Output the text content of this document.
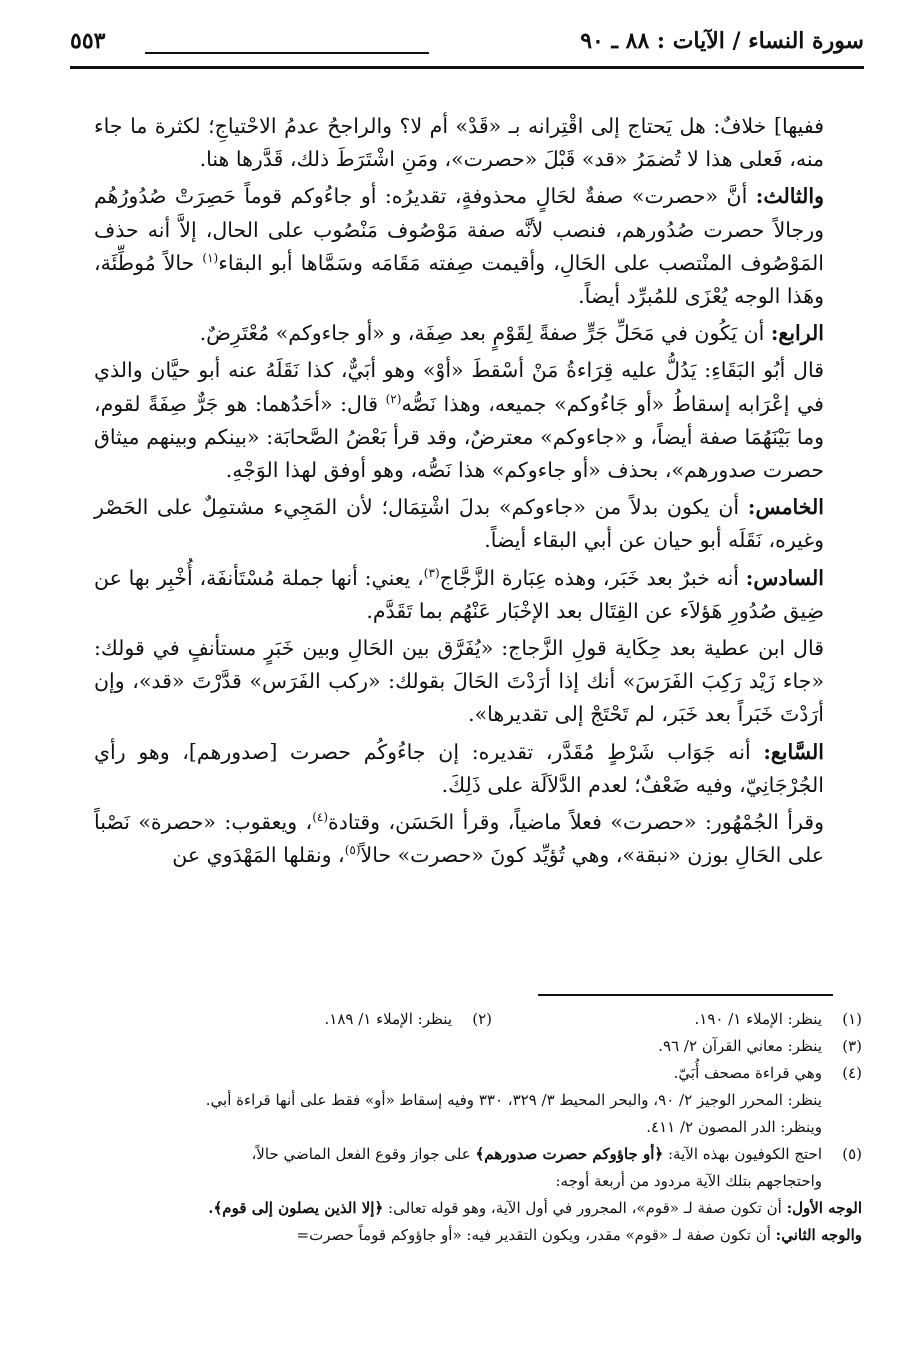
سورة النساء / الآيات : ٨٨ ـ ٩٠
٥٥٣

ففيها] خلافٌ: هل يَحتاج إلى اقْتِرانه بـ «قَدْ» أم لا؟ والراجحُ عدمُ الاحْتياجِ؛ لكثرة ما جاء منه، فَعلى هذا لا تُضمَرُ «قد» قَبْلَ «حصرت»، ومَنِ اشْتَرَطَ ذلك، قَدَّرها هنا.

والثالث: أنَّ «حصرت» صفةٌ لحَالٍ محذوفةٍ، تقديرُه: أو جاءُوكم قوماً حَصِرَتْ صُدُورُهُم ورجالاً حصرت صُدُورهم، فنصب لأنَّه صفة مَوْصُوف مَنْصُوب على الحال، إلاَّ أنه حذف المَوْصُوف المنْتصب على الحَالِ، وأقيمت صِفته مَقَامَه وسَمَّاها أبو البقاء$^{(١)}$ حالاً مُوطِّئَة، وهَذا الوجه يُعْزَى للمُبرِّد أيضاً.

الرابع: أن يَكُون في مَحَلِّ جَرٍّ صفةً لِقَوْمٍ بعد صِفَة، و «أو جاءوكم» مُعْتَرِضٌ.

قال أبُو البَقَاءِ: يَدُلُّ عليه قِرَاءةُ مَنْ أسْقطَ «أوْ» وهو أبَيٌّ، كذا نَقَلَهُ عنه أبو حيَّان والذي في إعْرَابه إسقاطُ «أو جَاءُوكم» جميعه، وهذا نَصُّه$^{(٢)}$ قال: «أحَدُهما: هو جَرٌّ صِفَةً لقوم، وما بَيْنَهُمَا صفة أيضاً، و «جاءوكم» معترضٌ، وقد قرأ بَعْضُ الصَّحابَة: «بينكم وبينهم ميثاق حصرت صدورهم»، بحذف «أو جاءوكم» هذا نَصُّه، وهو أوفق لهذا الوَجْهِ.

الخامس: أن يكون بدلاً من «جاءوكم» بدلَ اشْتِمَال؛ لأن المَجِيء مشتمِلٌ على الحَصْر وغيره، نَقَلَه أبو حيان عن أبي البقاء أيضاً.

السادس: أنه خبرٌ بعد خَبَر، وهذه عِبَارة الزَّجَّاج$^{(٣)}$، يعني: أنها جملة مُسْتَأنفَة، أُخْبِر بها عن ضِيق صُدُورِ هَؤلاَء عن القِتَال بعد الإخْبَار عَنْهُم بما تَقَدَّم.

قال ابن عطية بعد حِكَاية قولِ الزَّجاج: «يُفَرَّق بين الحَالِ وبين خَبَرٍ مستأنفٍ في قولك: «جاء زَيْد رَكِبَ الفَرَسَ» أنك إذا أرَدْتَ الحَالَ بقولك: «ركب الفَرَس» قدَّرْتَ «قد»، وإن أرَدْتَ خَبَراً بعد خَبَر، لم تَحْتَجْ إلى تقديرها».

السَّابع: أنه جَوَاب شَرْطٍ مُقَدَّر، تقديره: إن جاءُوكُم حصرت [صدورهم]، وهو رأي الجُرْجَانِيّ، وفيه ضَعْفٌ؛ لعدم الدَّلاَلَة على ذَلِكَ.

وقرأ الجُمْهُور: «حصرت» فعلاً ماضياً، وقرأ الحَسَن، وقتادة$^{(٤)}$، ويعقوب: «حصرة» نَصْباً على الحَالِ بوزن «نبقة»، وهي تُؤيِّد كونَ «حصرت» حالاً$^{(٥)}$، ونقلها المَهْدَوي عن

(١)
ينظر: الإملاء ١/ ١٩٠.
(٢)
ينظر: الإملاء ١/ ١٨٩.
(٣)
ينظر: معاني القرآن ٢/ ٩٦.
(٤)
وهي قراءة مصحف أُبَيّ.
ينظر: المحرر الوجيز ٢/ ٩٠، والبحر المحيط ٣/ ٣٢٩، ٣٣٠ وفيه إسقاط «أو» فقط على أنها قراءة أبي.
وينظر: الدر المصون ٢/ ٤١١.
(٥)
احتج الكوفيون بهذه الآية: ﴿أو جاؤوكم حصرت صدورهم﴾ على جواز وقوع الفعل الماضي حالاً،
واحتجاجهم بتلك الآية مردود من أربعة أوجه:
الوجه الأول: أن تكون صفة لـ «قوم»، المجرور في أول الآية، وهو قوله تعالى: ﴿إلا الذين يصلون إلى قوم﴾.
والوجه الثاني: أن تكون صفة لـ «قوم» مقدر، ويكون التقدير فيه: «أو جاؤوكم قوماً حصرت=
